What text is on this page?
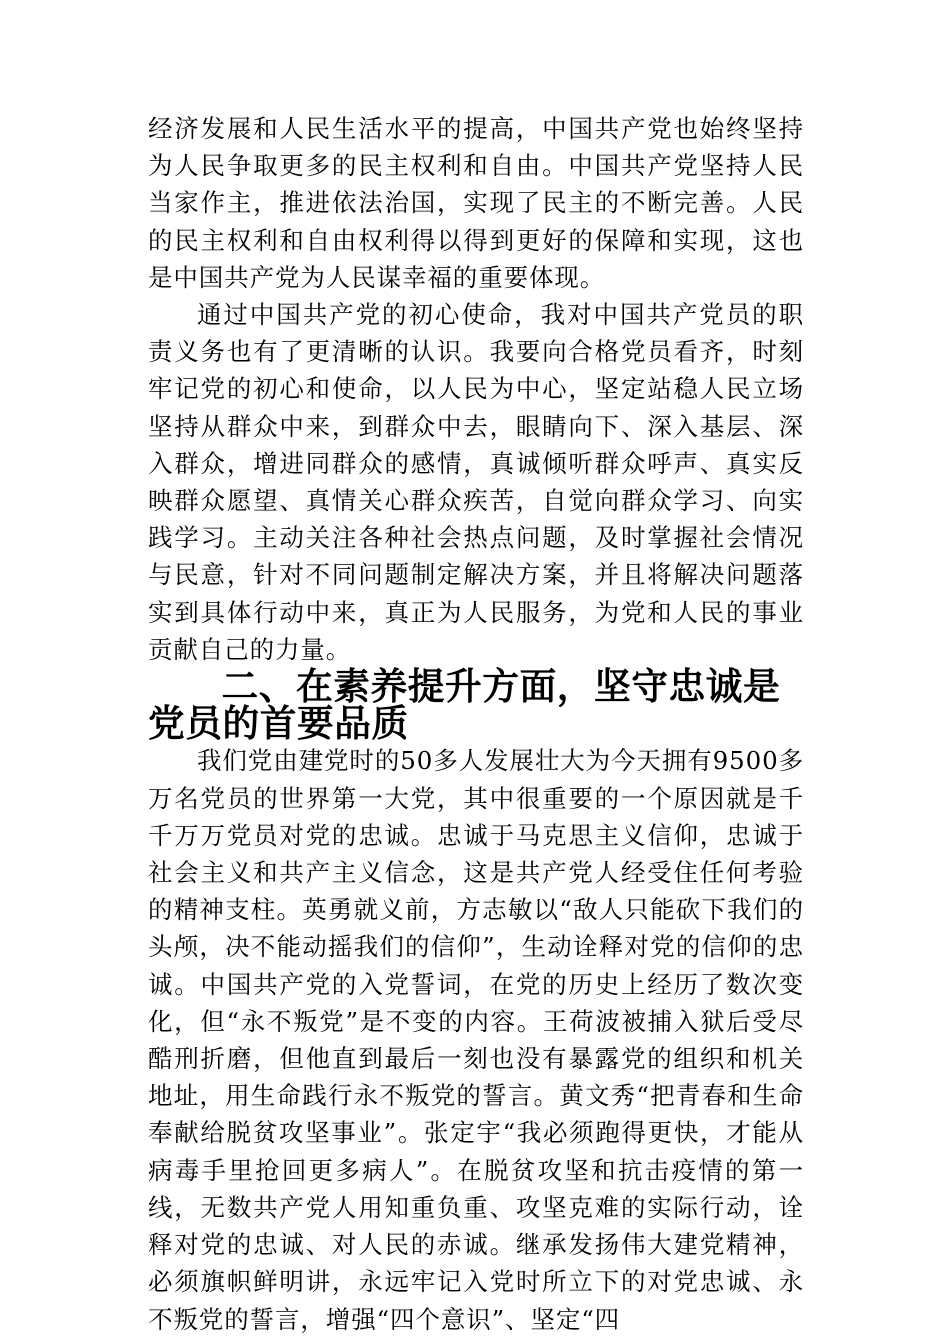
经济发展和人民生活水平的提高，中国共产党也始终坚持为人民争取更多的民主权利和自由。中国共产党坚持人民当家作主，推进依法治国，实现了民主的不断完善。人民的民主权利和自由权利得以得到更好的保障和实现，这也是中国共产党为人民谋幸福的重要体现。

通过中国共产党的初心使命，我对中国共产党员的职责义务也有了更清晰的认识。我要向合格党员看齐，时刻牢记党的初心和使命，以人民为中心，坚定站稳人民立场坚持从群众中来，到群众中去，眼睛向下、深入基层、深入群众，增进同群众的感情，真诚倾听群众呼声、真实反映群众愿望、真情关心群众疾苦，自觉向群众学习、向实践学习。主动关注各种社会热点问题，及时掌握社会情况与民意，针对不同问题制定解决方案，并且将解决问题落实到具体行动中来，真正为人民服务，为党和人民的事业贡献自己的力量。

二、在素养提升方面，坚守忠诚是党员的首要品质

我们党由建党时的50多人发展壮大为今天拥有9500多万名党员的世界第一大党，其中很重要的一个原因就是千千万万党员对党的忠诚。忠诚于马克思主义信仰，忠诚于社会主义和共产主义信念，这是共产党人经受住任何考验的精神支柱。英勇就义前，方志敏以“敌人只能砍下我们的头颅，决不能动摇我们的信仰”，生动诠释对党的信仰的忠诚。中国共产党的入党誓词，在党的历史上经历了数次变化，但“永不叛党”是不变的内容。王荷波被捕入狱后受尽酷刑折磨，但他直到最后一刻也没有暴露党的组织和机关地址，用生命践行永不叛党的誓言。黄文秀“把青春和生命奉献给脱贫攻坚事业”。张定宇“我必须跑得更快，才能从病毒手里抢回更多病人”。在脱贫攻坚和抗击疫情的第一线，无数共产党人用知重负重、攻坚克难的实际行动，诠释对党的忠诚、对人民的赤诚。继承发扬伟大建党精神，必须旗帜鲜明讲，永远牢记入党时所立下的对党忠诚、永不叛党的誓言，增强“四个意识”、坚定“四
